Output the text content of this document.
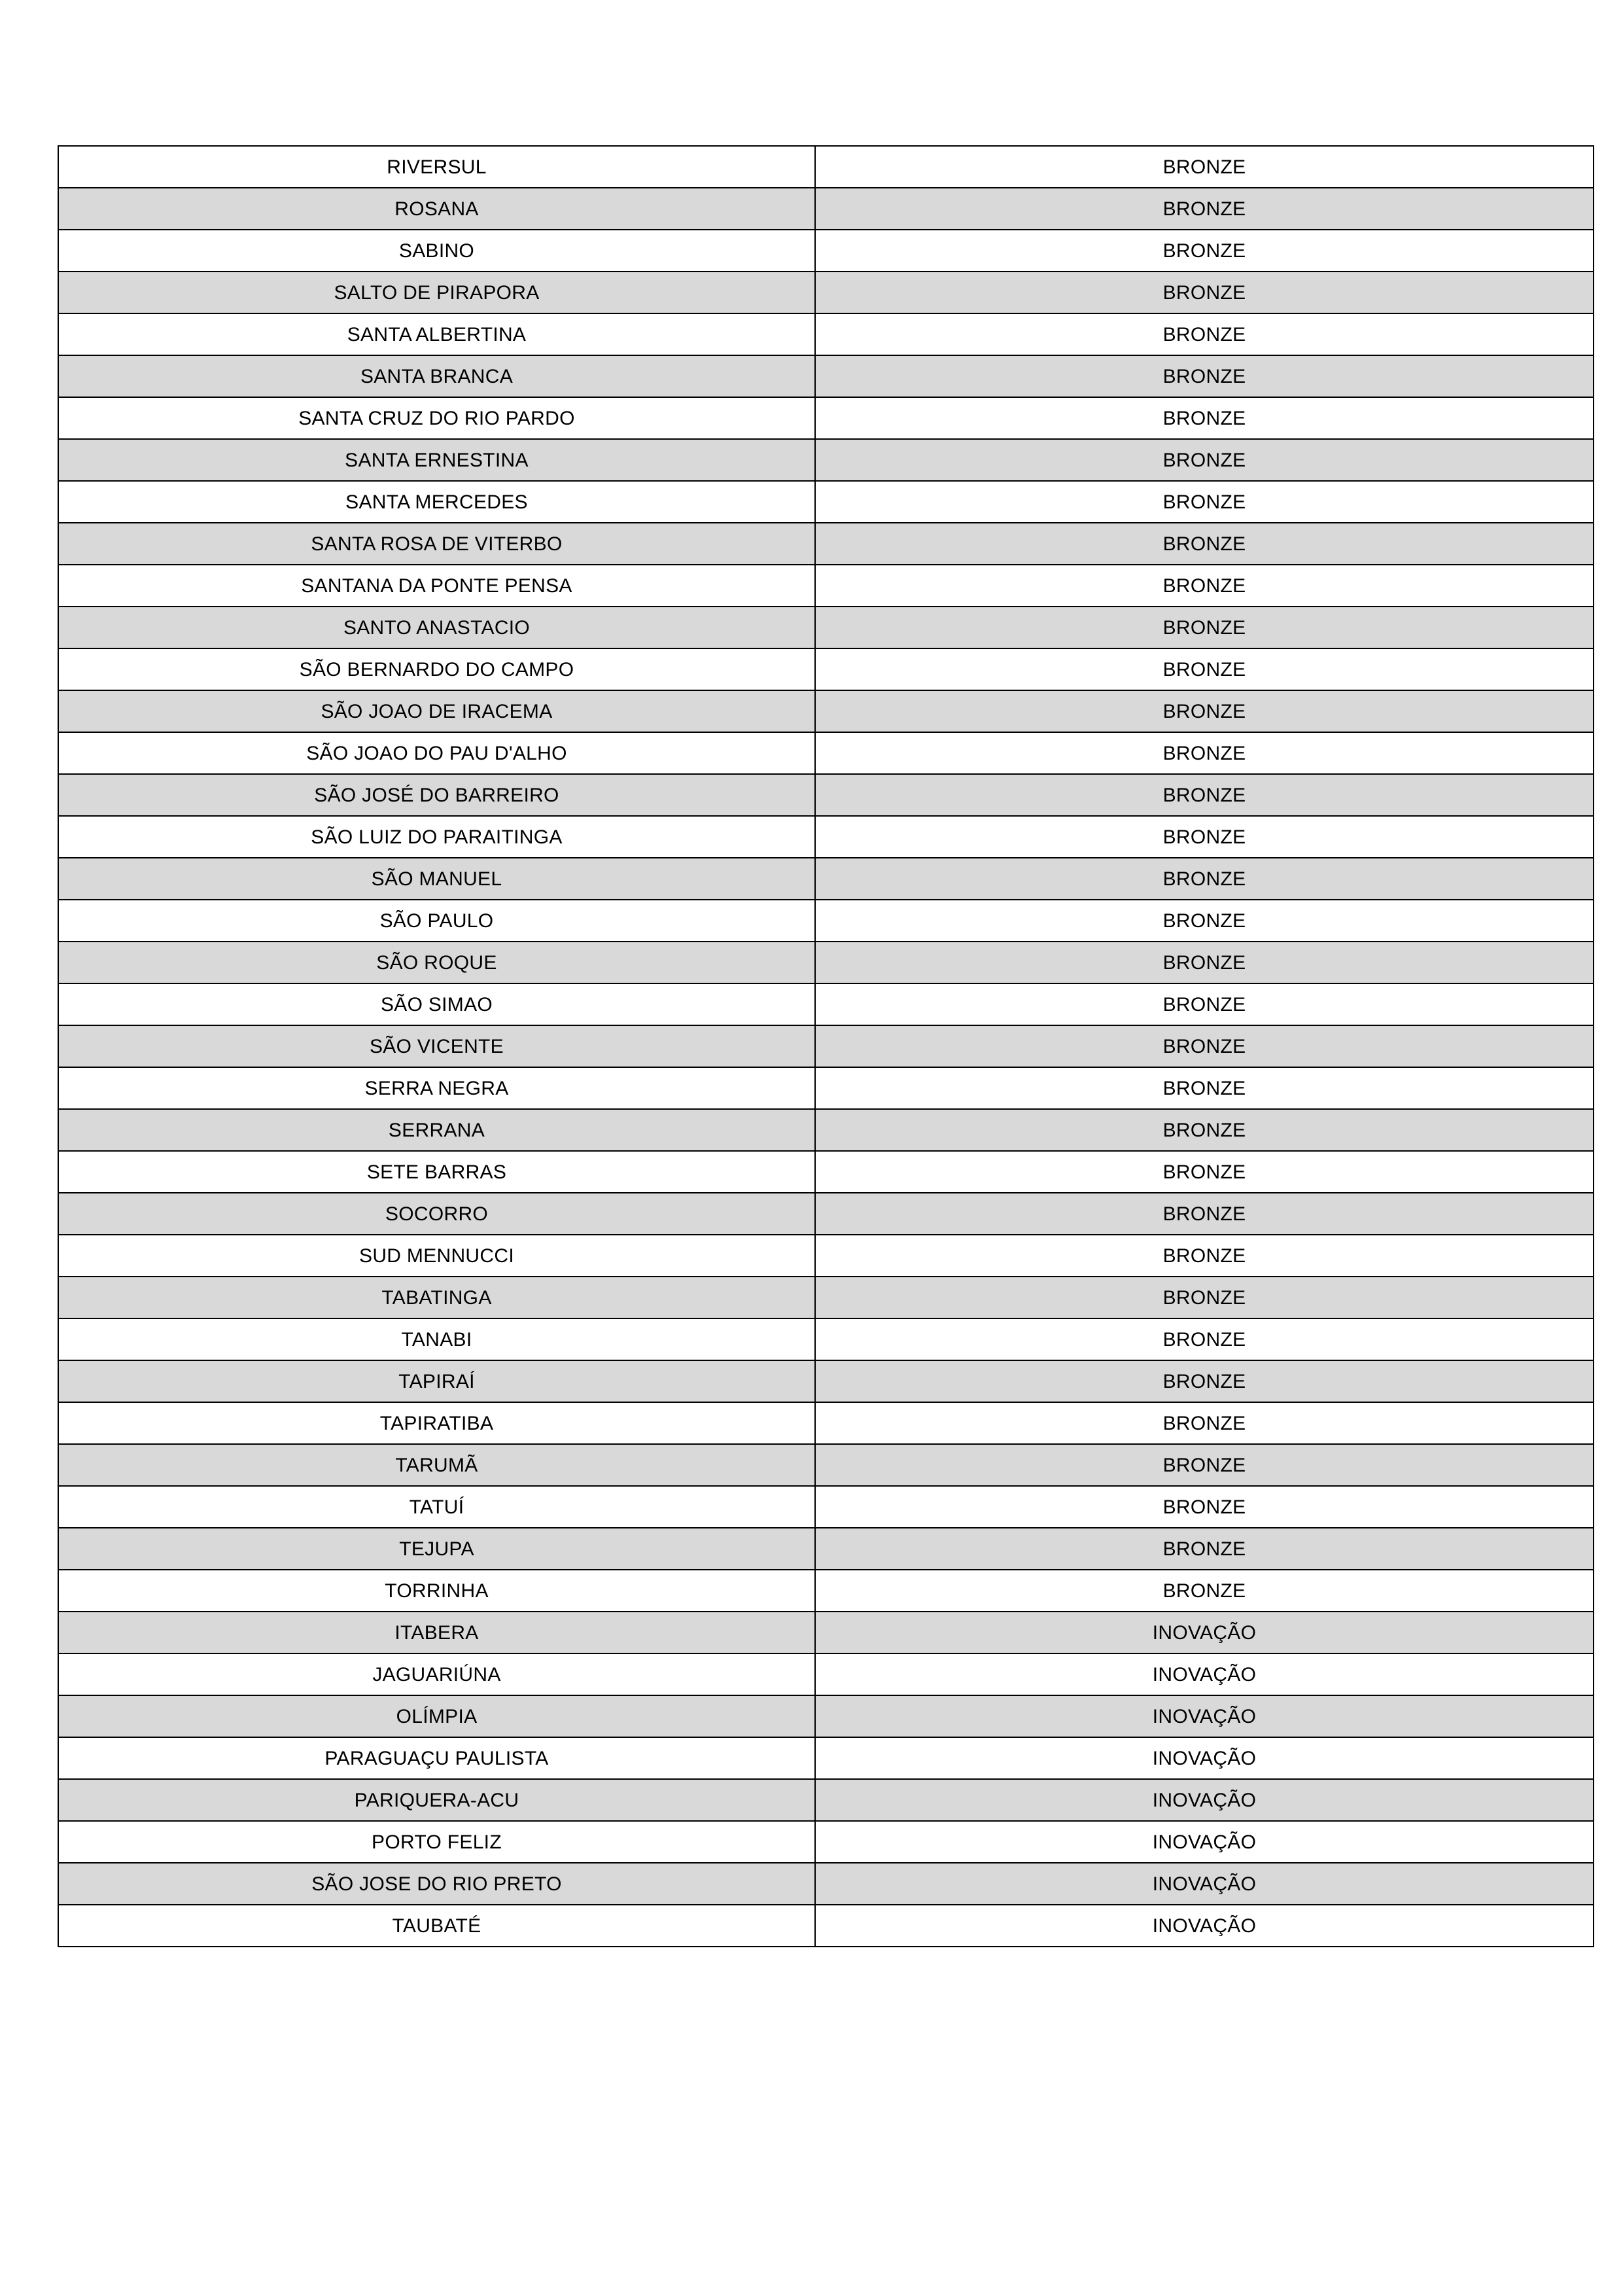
RIVERSUL	BRONZE
ROSANA	BRONZE
SABINO	BRONZE
SALTO DE PIRAPORA	BRONZE
SANTA ALBERTINA	BRONZE
SANTA BRANCA	BRONZE
SANTA CRUZ DO RIO PARDO	BRONZE
SANTA ERNESTINA	BRONZE
SANTA MERCEDES	BRONZE
SANTA ROSA DE VITERBO	BRONZE
SANTANA DA PONTE PENSA	BRONZE
SANTO ANASTACIO	BRONZE
SÃO BERNARDO DO CAMPO	BRONZE
SÃO JOAO DE IRACEMA	BRONZE
SÃO JOAO DO PAU D'ALHO	BRONZE
SÃO JOSÉ DO BARREIRO	BRONZE
SÃO LUIZ DO PARAITINGA	BRONZE
SÃO MANUEL	BRONZE
SÃO PAULO	BRONZE
SÃO ROQUE	BRONZE
SÃO SIMAO	BRONZE
SÃO VICENTE	BRONZE
SERRA NEGRA	BRONZE
SERRANA	BRONZE
SETE BARRAS	BRONZE
SOCORRO	BRONZE
SUD MENNUCCI	BRONZE
TABATINGA	BRONZE
TANABI	BRONZE
TAPIRAÍ	BRONZE
TAPIRATIBA	BRONZE
TARUMÃ	BRONZE
TATUÍ	BRONZE
TEJUPA	BRONZE
TORRINHA	BRONZE
ITABERA	INOVAÇÃO
JAGUARIÚNA	INOVAÇÃO
OLÍMPIA	INOVAÇÃO
PARAGUAÇU PAULISTA	INOVAÇÃO
PARIQUERA-ACU	INOVAÇÃO
PORTO FELIZ	INOVAÇÃO
SÃO JOSE DO RIO PRETO	INOVAÇÃO
TAUBATÉ	INOVAÇÃO
